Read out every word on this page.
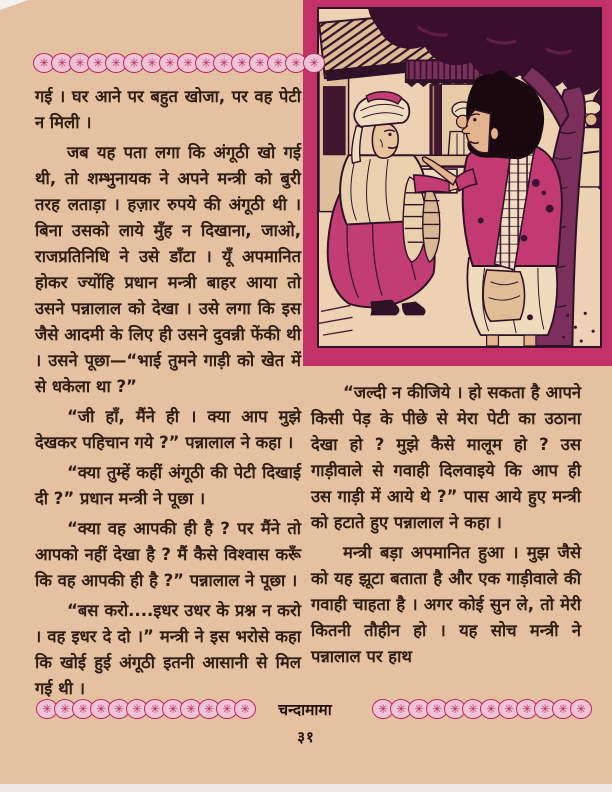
✳ ✳ ✳ ✳ ✳ ✳ ✳ ✳ ✳ ✳ ✳ ✳ ✳ ✳ ✳ ✳

गई । घर आने पर बहुत खोजा, पर वह पेटी न मिली ।

जब यह पता लगा कि अंगूठी खो गई थी, तो शम्भुनायक ने अपने मन्त्री को बुरी तरह लताड़ा । हज़ार रुपये की अंगूठी थी । बिना उसको लाये मुँह न दिखाना, जाओ, राजप्रतिनिधि ने उसे डाँटा । यूँ अपमानित होकर ज्योंहि प्रधान मन्त्री बाहर आया तो उसने पन्नालाल को देखा । उसे लगा कि इस जैसे आदमी के लिए ही उसने दुवन्नी फेंकी थी । उसने पूछा—“भाई तुमने गाड़ी को खेत में से धकेला था ?”

“जी हाँ, मैंने ही । क्या आप मुझे देखकर पहिचान गये ?” पन्नालाल ने कहा ।

“क्या तुम्हें कहीं अंगूठी की पेटी दिखाई दी ?” प्रधान मन्त्री ने पूछा ।

“क्या वह आपकी ही है ? पर मैंने तो आपको नहीं देखा है ? मैं कैसे विश्वास करूँ कि वह आपकी ही है ?” पन्नालाल ने पूछा ।

“बस करो....इधर उधर के प्रश्न न करो । वह इधर दे दो ।” मन्त्री ने इस भरोसे कहा कि खोई हुई अंगूठी इतनी आसानी से मिल गई थी ।

“जल्दी न कीजिये । हो सकता है आपने किसी पेड़ के पीछे से मेरा पेटी का उठाना देखा हो ? मुझे कैसे मालूम हो ? उस गाड़ीवाले से गवाही दिलवाइये कि आप ही उस गाड़ी में आये थे ?” पास आये हुए मन्त्री को हटाते हुए पन्नालाल ने कहा ।

मन्त्री बड़ा अपमानित हुआ । मुझ जैसे को यह झूटा बताता है और एक गाड़ीवाले की गवाही चाहता है । अगर कोई सुन ले, तो मेरी कितनी तौहीन हो । यह सोच मन्त्री ने पन्नालाल पर हाथ

✳ ✳ ✳ ✳ ✳ ✳ ✳ ✳ ✳ ✳ ✳ ✳	चन्दामामा	✳ ✳ ✳ ✳ ✳ ✳ ✳ ✳ ✳ ✳ ✳ ✳
३१
